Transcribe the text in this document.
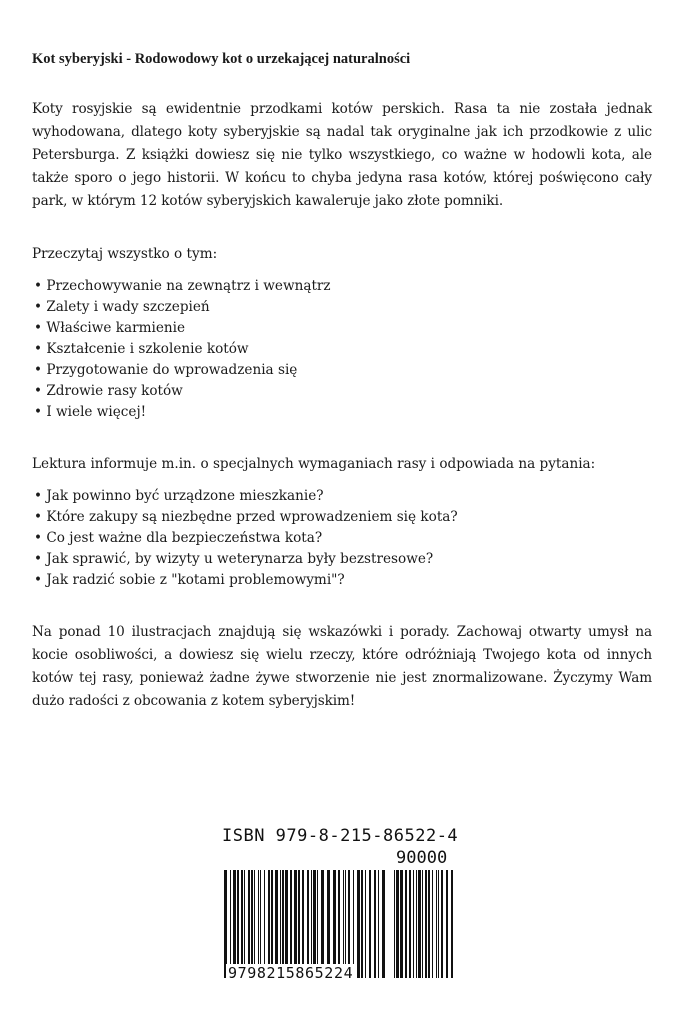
Kot syberyjski - Rodowodowy kot o urzekającej naturalności

Koty rosyjskie są ewidentnie przodkami kotów perskich. Rasa ta nie została jednak wyhodowana, dlatego koty syberyjskie są nadal tak oryginalne jak ich przodkowie z ulic Petersburga. Z książki dowiesz się nie tylko wszystkiego, co ważne w hodowli kota, ale także sporo o jego historii. W końcu to chyba jedyna rasa kotów, której poświęcono cały park, w którym 12 kotów syberyjskich kawaleruje jako złote pomniki.

Przeczytaj wszystko o tym:

• Przechowywanie na zewnątrz i wewnątrz
• Zalety i wady szczepień
• Właściwe karmienie
• Kształcenie i szkolenie kotów
• Przygotowanie do wprowadzenia się
• Zdrowie rasy kotów
• I wiele więcej!

Lektura informuje m.in. o specjalnych wymaganiach rasy i odpowiada na pytania:

• Jak powinno być urządzone mieszkanie?
• Które zakupy są niezbędne przed wprowadzeniem się kota?
• Co jest ważne dla bezpieczeństwa kota?
• Jak sprawić, by wizyty u weterynarza były bezstresowe?
• Jak radzić sobie z "kotami problemowymi"?

Na ponad 10 ilustracjach znajdują się wskazówki i porady. Zachowaj otwarty umysł na kocie osobliwości, a dowiesz się wielu rzeczy, które odróżniają Twojego kota od innych kotów tej rasy, ponieważ żadne żywe stworzenie nie jest znormalizowane. Życzymy Wam dużo radości z obcowania z kotem syberyjskim!

ISBN 979-8-215-86522-4
90000
9798215865224
